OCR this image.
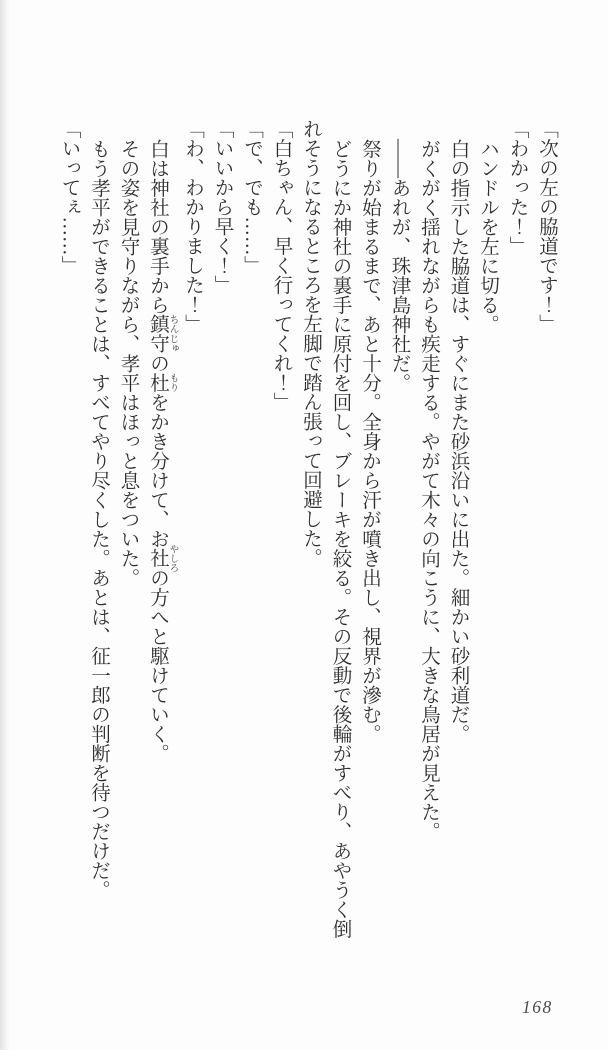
「次の左の脇道です！」

「わかった！」

ハンドルを左に切る。

白の指示した脇道は、すぐにまた砂浜沿いに出た。細かい砂利道だ。

がくがく揺れながらも疾走する。やがて木々の向こうに、大きな鳥居が見えた。

――あれが、珠津島神社だ。

祭りが始まるまで、あと十分。全身から汗が噴き出し、視界が滲む。

どうにか神社の裏手に原付を回し、ブレーキを絞る。その反動で後輪がすべり、あやうく倒れそうになるところを左脚で踏ん張って回避した。

「白ちゃん、早く行ってくれ！」

「で、でも……」

「いいから早く！」

「わ、わかりました！」

白は神社の裏手から鎮守 ちんじゅの杜 もりをかき分けて、お社 やしろの方へと駆けていく。

その姿を見守りながら、孝平はほっと息をついた。

もう孝平ができることは、すべてやり尽くした。あとは、征一郎の判断を待つだけだ。

「いってぇ……」

168
